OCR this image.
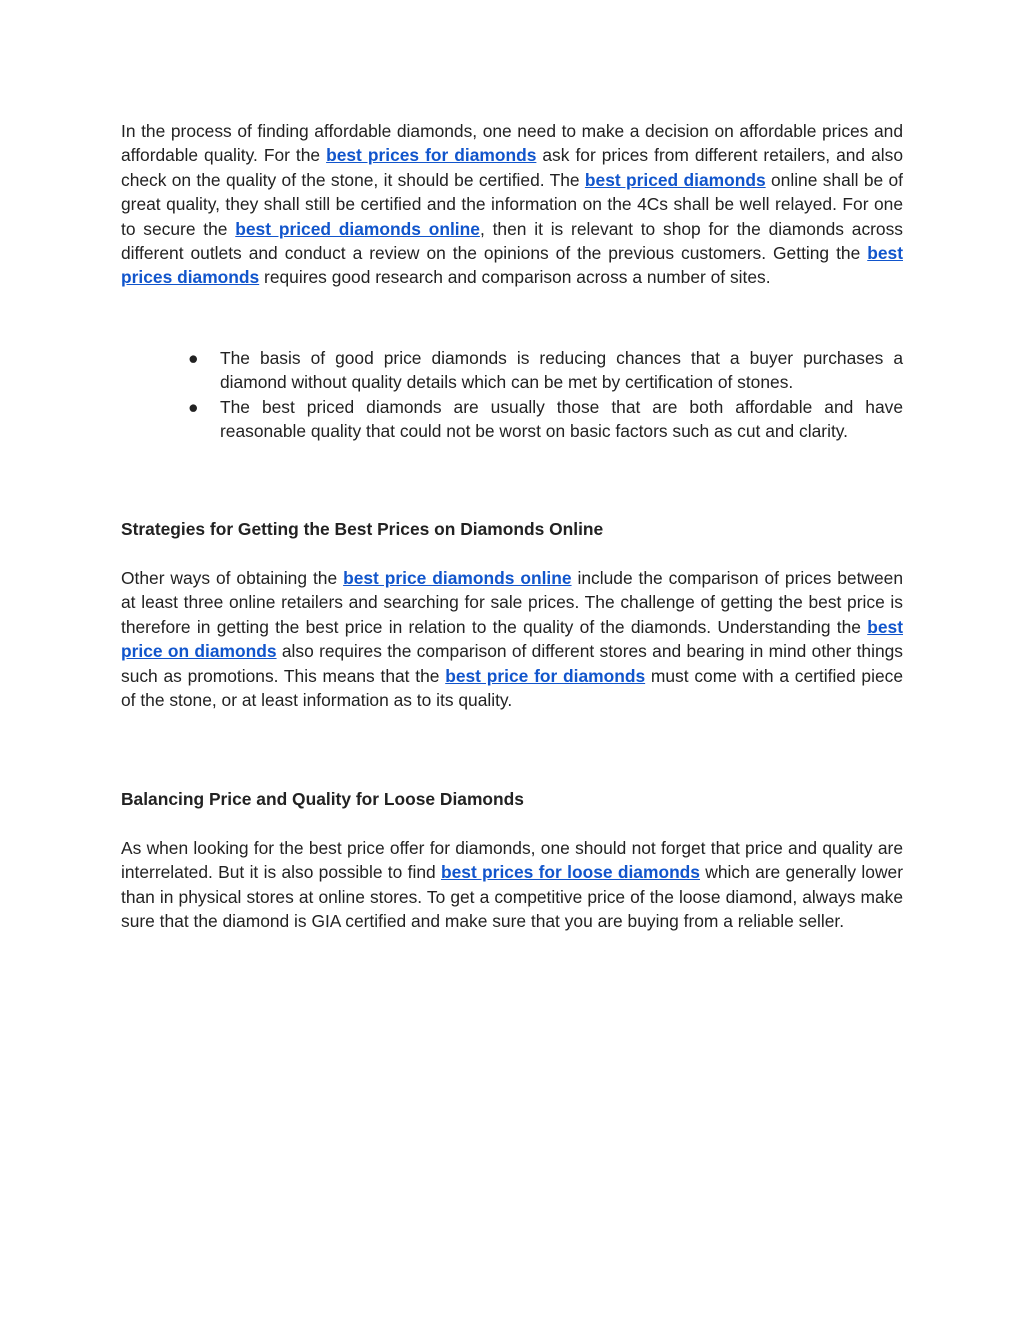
In the process of finding affordable diamonds, one need to make a decision on affordable prices and affordable quality. For the best prices for diamonds ask for prices from different retailers, and also check on the quality of the stone, it should be certified. The best priced diamonds online shall be of great quality, they shall still be certified and the information on the 4Cs shall be well relayed. For one to secure the best priced diamonds online, then it is relevant to shop for the diamonds across different outlets and conduct a review on the opinions of the previous customers. Getting the best prices diamonds requires good research and comparison across a number of sites.

● The basis of good price diamonds is reducing chances that a buyer purchases a diamond without quality details which can be met by certification of stones.
● The best priced diamonds are usually those that are both affordable and have reasonable quality that could not be worst on basic factors such as cut and clarity.
Strategies for Getting the Best Prices on Diamonds Online

Other ways of obtaining the best price diamonds online include the comparison of prices between at least three online retailers and searching for sale prices. The challenge of getting the best price is therefore in getting the best price in relation to the quality of the diamonds. Understanding the best price on diamonds also requires the comparison of different stores and bearing in mind other things such as promotions. This means that the best price for diamonds must come with a certified piece of the stone, or at least information as to its quality.

Balancing Price and Quality for Loose Diamonds

As when looking for the best price offer for diamonds, one should not forget that price and quality are interrelated. But it is also possible to find best prices for loose diamonds which are generally lower than in physical stores at online stores. To get a competitive price of the loose diamond, always make sure that the diamond is GIA certified and make sure that you are buying from a reliable seller.
